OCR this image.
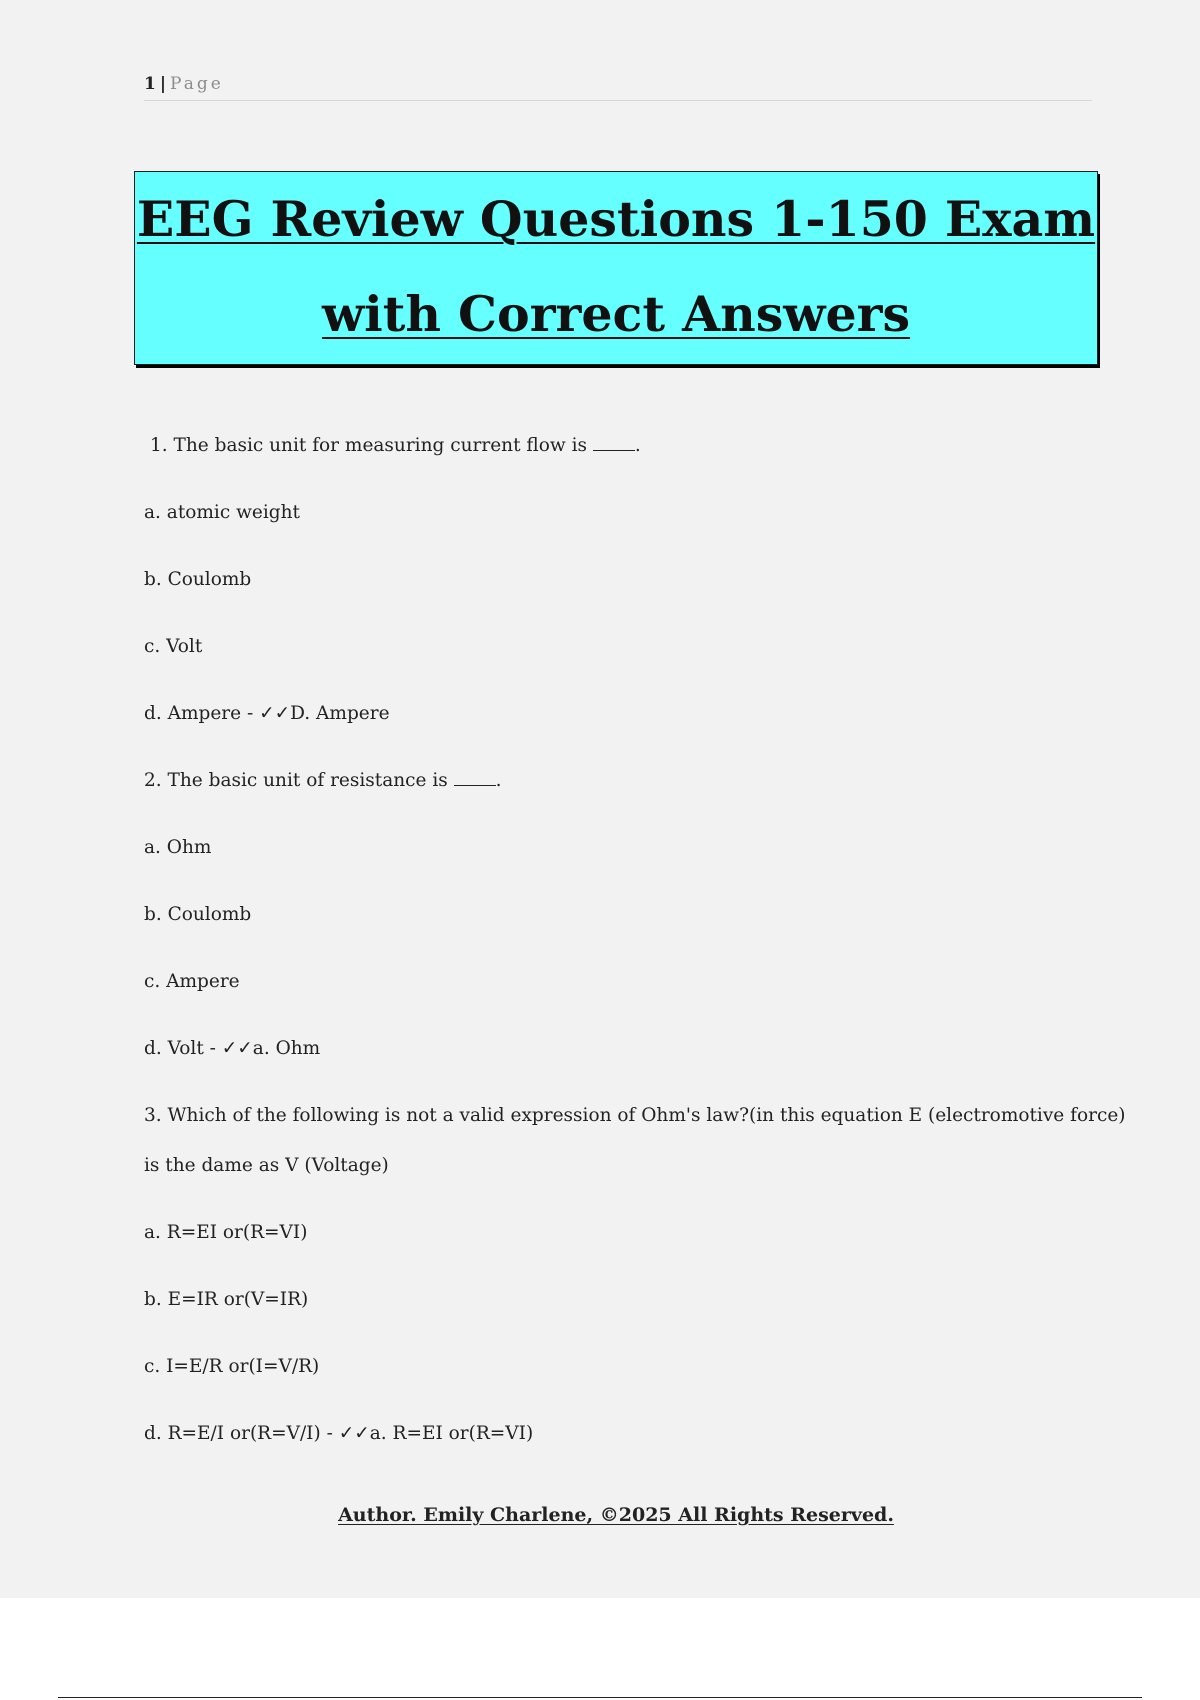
1 | Page
EEG Review Questions 1-150 Exam
with Correct Answers
1. The basic unit for measuring current flow is	.
a. atomic weight
b. Coulomb
c. Volt
d. Ampere - ✓✓D. Ampere
2. The basic unit of resistance is	.
a. Ohm
b. Coulomb
c. Ampere
d. Volt - ✓✓a. Ohm
3. Which of the following is not a valid expression of Ohm's law?(in this equation E (electromotive force)
is the dame as V (Voltage)
a. R=EI or(R=VI)
b. E=IR or(V=IR)
c. I=E/R or(I=V/R)
d. R=E/I or(R=V/I) - ✓✓a. R=EI or(R=VI)
Author. Emily Charlene, ©2025 All Rights Reserved.
